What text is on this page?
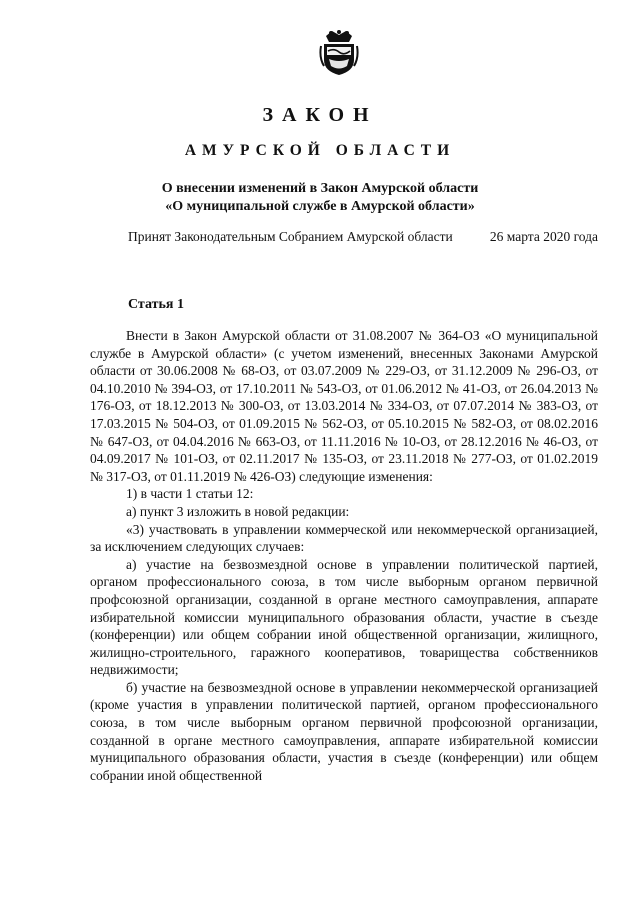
ЗАКОН
АМУРСКОЙ ОБЛАСТИ
О внесении изменений в Закон Амурской области
«О муниципальной службе в Амурской области»
Принят Законодательным Собранием Амурской области	26 марта 2020 года
Статья 1

Внести в Закон Амурской области от 31.08.2007 № 364-ОЗ «О муниципальной службе в Амурской области» (с учетом изменений, внесенных Законами Амурской области от 30.06.2008 № 68-ОЗ, от 03.07.2009 № 229-ОЗ, от 31.12.2009 № 296-ОЗ, от 04.10.2010 № 394-ОЗ, от 17.10.2011 № 543-ОЗ, от 01.06.2012 № 41-ОЗ, от 26.04.2013 № 176-ОЗ, от 18.12.2013 № 300-ОЗ, от 13.03.2014 № 334-ОЗ, от 07.07.2014 № 383-ОЗ, от 17.03.2015 № 504-ОЗ, от 01.09.2015 № 562-ОЗ, от 05.10.2015 № 582-ОЗ, от 08.02.2016 № 647-ОЗ, от 04.04.2016 № 663-ОЗ, от 11.11.2016 № 10-ОЗ, от 28.12.2016 № 46-ОЗ, от 04.09.2017 № 101-ОЗ, от 02.11.2017 № 135-ОЗ, от 23.11.2018 № 277-ОЗ, от 01.02.2019 № 317-ОЗ, от 01.11.2019 № 426-ОЗ) следующие изменения:

1) в части 1 статьи 12:

а) пункт 3 изложить в новой редакции:

«3) участвовать в управлении коммерческой или некоммерческой организацией, за исключением следующих случаев:

а) участие на безвозмездной основе в управлении политической партией, органом профессионального союза, в том числе выборным органом первичной профсоюзной организации, созданной в органе местного самоуправления, аппарате избирательной комиссии муниципального образования области, участие в съезде (конференции) или общем собрании иной общественной организации, жилищного, жилищно-строительного, гаражного кооперативов, товарищества собственников недвижимости;

б) участие на безвозмездной основе в управлении некоммерческой организацией (кроме участия в управлении политической партией, органом профессионального союза, в том числе выборным органом первичной профсоюзной организации, созданной в органе местного самоуправления, аппарате избирательной комиссии муниципального образования области, участия в съезде (конференции) или общем собрании иной общественной
